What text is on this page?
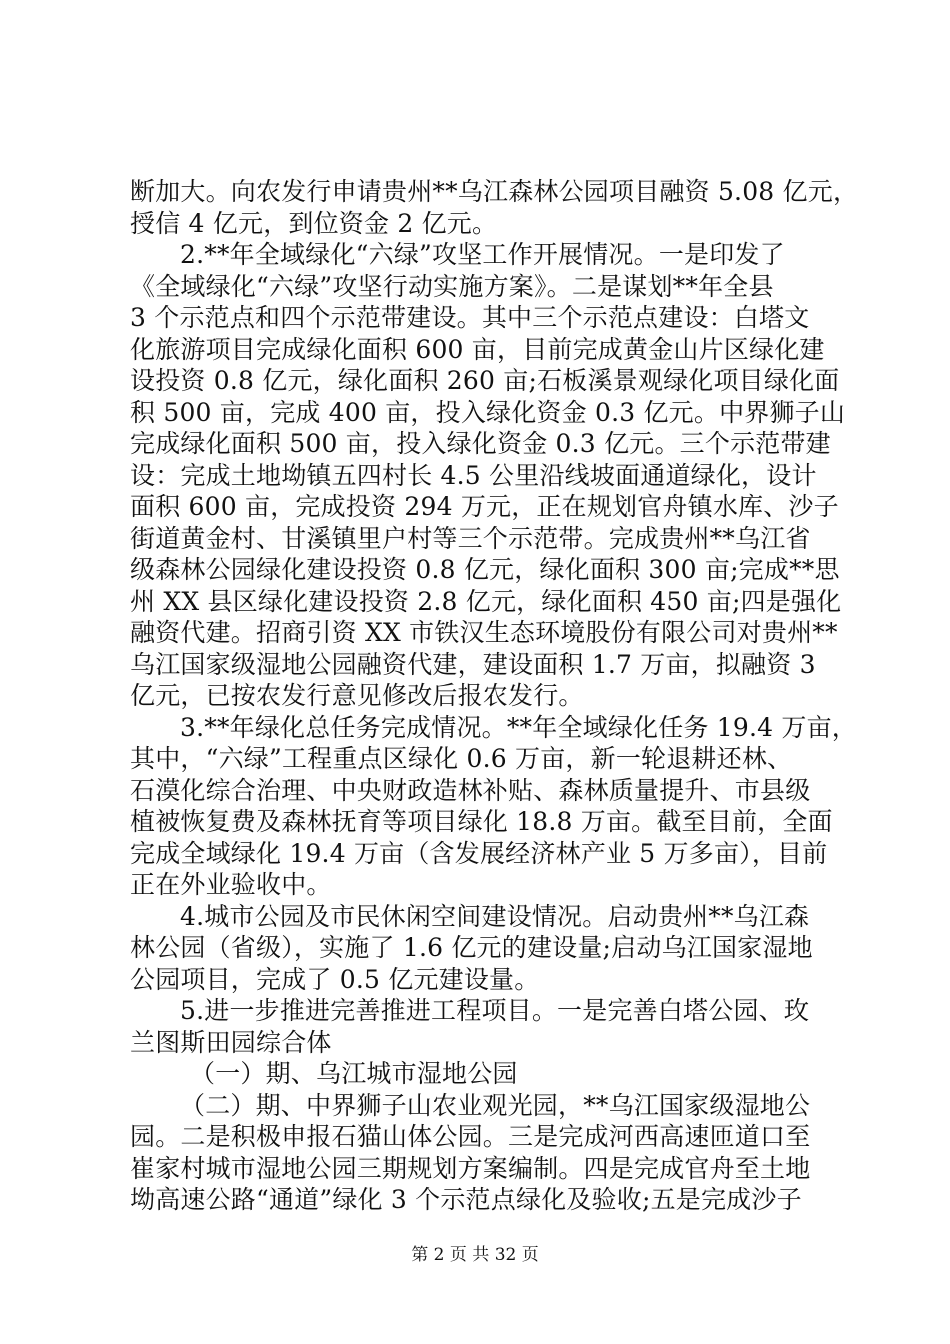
断加大。向农发行申请贵州**乌江森林公园项目融资 5.08 亿元，
授信 4 亿元，到位资金 2 亿元。
2.**年全域绿化“六绿”攻坚工作开展情况。一是印发了
《全域绿化“六绿”攻坚行动实施方案》。二是谋划**年全县
3 个示范点和四个示范带建设。其中三个示范点建设：白塔文
化旅游项目完成绿化面积 600 亩，目前完成黄金山片区绿化建
设投资 0.8 亿元，绿化面积 260 亩;石板溪景观绿化项目绿化面
积 500 亩，完成 400 亩，投入绿化资金 0.3 亿元。中界狮子山
完成绿化面积 500 亩，投入绿化资金 0.3 亿元。三个示范带建
设：完成土地坳镇五四村长 4.5 公里沿线坡面通道绿化，设计
面积 600 亩，完成投资 294 万元，正在规划官舟镇水库、沙子
街道黄金村、甘溪镇里户村等三个示范带。完成贵州**乌江省
级森林公园绿化建设投资 0.8 亿元，绿化面积 300 亩;完成**思
州 XX 县区绿化建设投资 2.8 亿元，绿化面积 450 亩;四是强化
融资代建。招商引资 XX 市铁汉生态环境股份有限公司对贵州**
乌江国家级湿地公园融资代建，建设面积 1.7 万亩，拟融资 3
亿元，已按农发行意见修改后报农发行。
3.**年绿化总任务完成情况。**年全域绿化任务 19.4 万亩，
其中，“六绿”工程重点区绿化 0.6 万亩，新一轮退耕还林、
石漠化综合治理、中央财政造林补贴、森林质量提升、市县级
植被恢复费及森林抚育等项目绿化 18.8 万亩。截至目前，全面
完成全域绿化 19.4 万亩（含发展经济林产业 5 万多亩），目前
正在外业验收中。
4.城市公园及市民休闲空间建设情况。启动贵州**乌江森
林公园（省级），实施了 1.6 亿元的建设量;启动乌江国家湿地
公园项目，完成了 0.5 亿元建设量。
5.进一步推进完善推进工程项目。一是完善白塔公园、玫
兰图斯田园综合体
（一）期、乌江城市湿地公园
（二）期、中界狮子山农业观光园，**乌江国家级湿地公
园。二是积极申报石猫山体公园。三是完成河西高速匝道口至
崔家村城市湿地公园三期规划方案编制。四是完成官舟至土地
坳高速公路“通道”绿化 3 个示范点绿化及验收;五是完成沙子
第 2 页 共 32 页
